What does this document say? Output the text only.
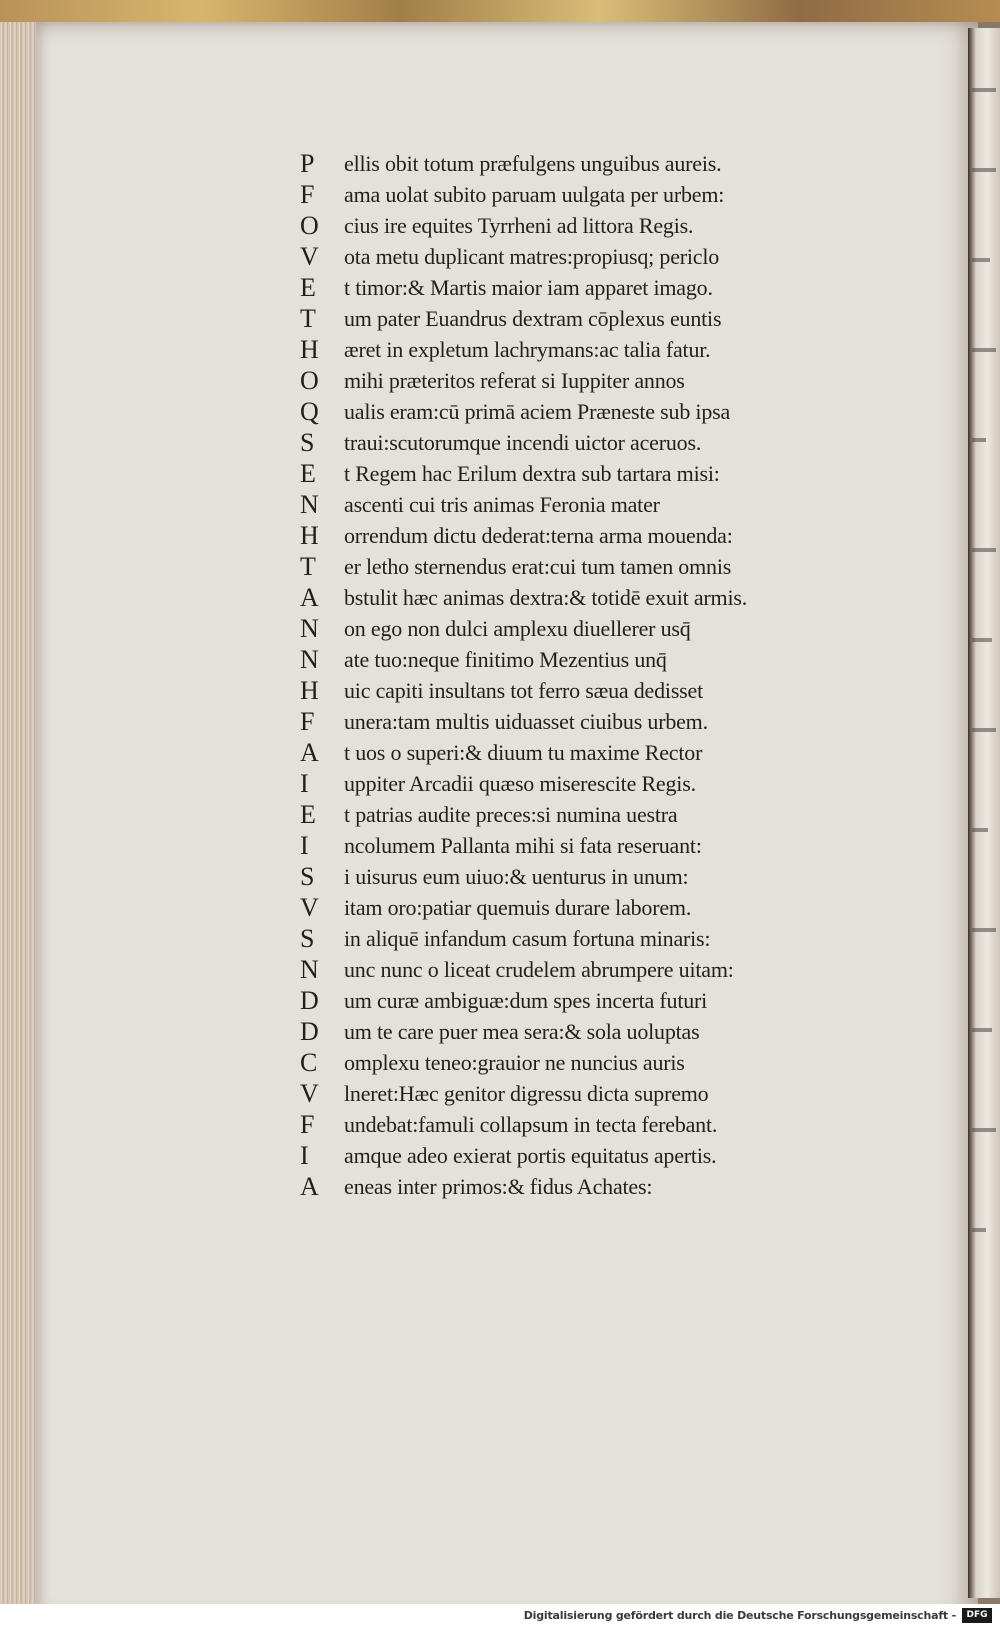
P	ellis obit totum præfulgens unguibus aureis.
F	ama uolat subito paruam uulgata per urbem:
O	cius ire equites Tyrrheni ad littora Regis.
V	ota metu duplicant matres:propiusq; periclo
E	t timor:& Martis maior iam apparet imago.
T	um pater Euandrus dextram cōplexus euntis
H	æret in expletum lachrymans:ac talia fatur.
O	mihi præteritos referat si Iuppiter annos
Q	ualis eram:cū primā aciem Præneste sub ipsa
S	traui:scutorumque incendi uictor aceruos.
E	t Regem hac Erilum dextra sub tartara misi:
N	ascenti cui tris animas Feronia mater
H	orrendum dictu dederat:terna arma mouenda:
T	er letho sternendus erat:cui tum tamen omnis
A	bstulit hæc animas dextra:& totidē exuit armis.
N	on ego non dulci amplexu diuellerer usq̄
N	ate tuo:neque finitimo Mezentius unq̄
H	uic capiti insultans tot ferro sæua dedisset
F	unera:tam multis uiduasset ciuibus urbem.
A	t uos o superi:& diuum tu maxime Rector
I	uppiter Arcadii quæso miserescite Regis.
E	t patrias audite preces:si numina uestra
I	ncolumem Pallanta mihi si fata reseruant:
S	i uisurus eum uiuo:& uenturus in unum:
V	itam oro:patiar quemuis durare laborem.
S	in aliquē infandum casum fortuna minaris:
N	unc nunc o liceat crudelem abrumpere uitam:
D	um curæ ambiguæ:dum spes incerta futuri
D	um te care puer mea sera:& sola uoluptas
C	omplexu teneo:grauior ne nuncius auris
V	lneret:Hæc genitor digressu dicta supremo
F	undebat:famuli collapsum in tecta ferebant.
I	amque adeo exierat portis equitatus apertis.
A	eneas inter primos:& fidus Achates:
Digitalisierung gefördert durch die Deutsche Forschungsgemeinschaft -	DFG
